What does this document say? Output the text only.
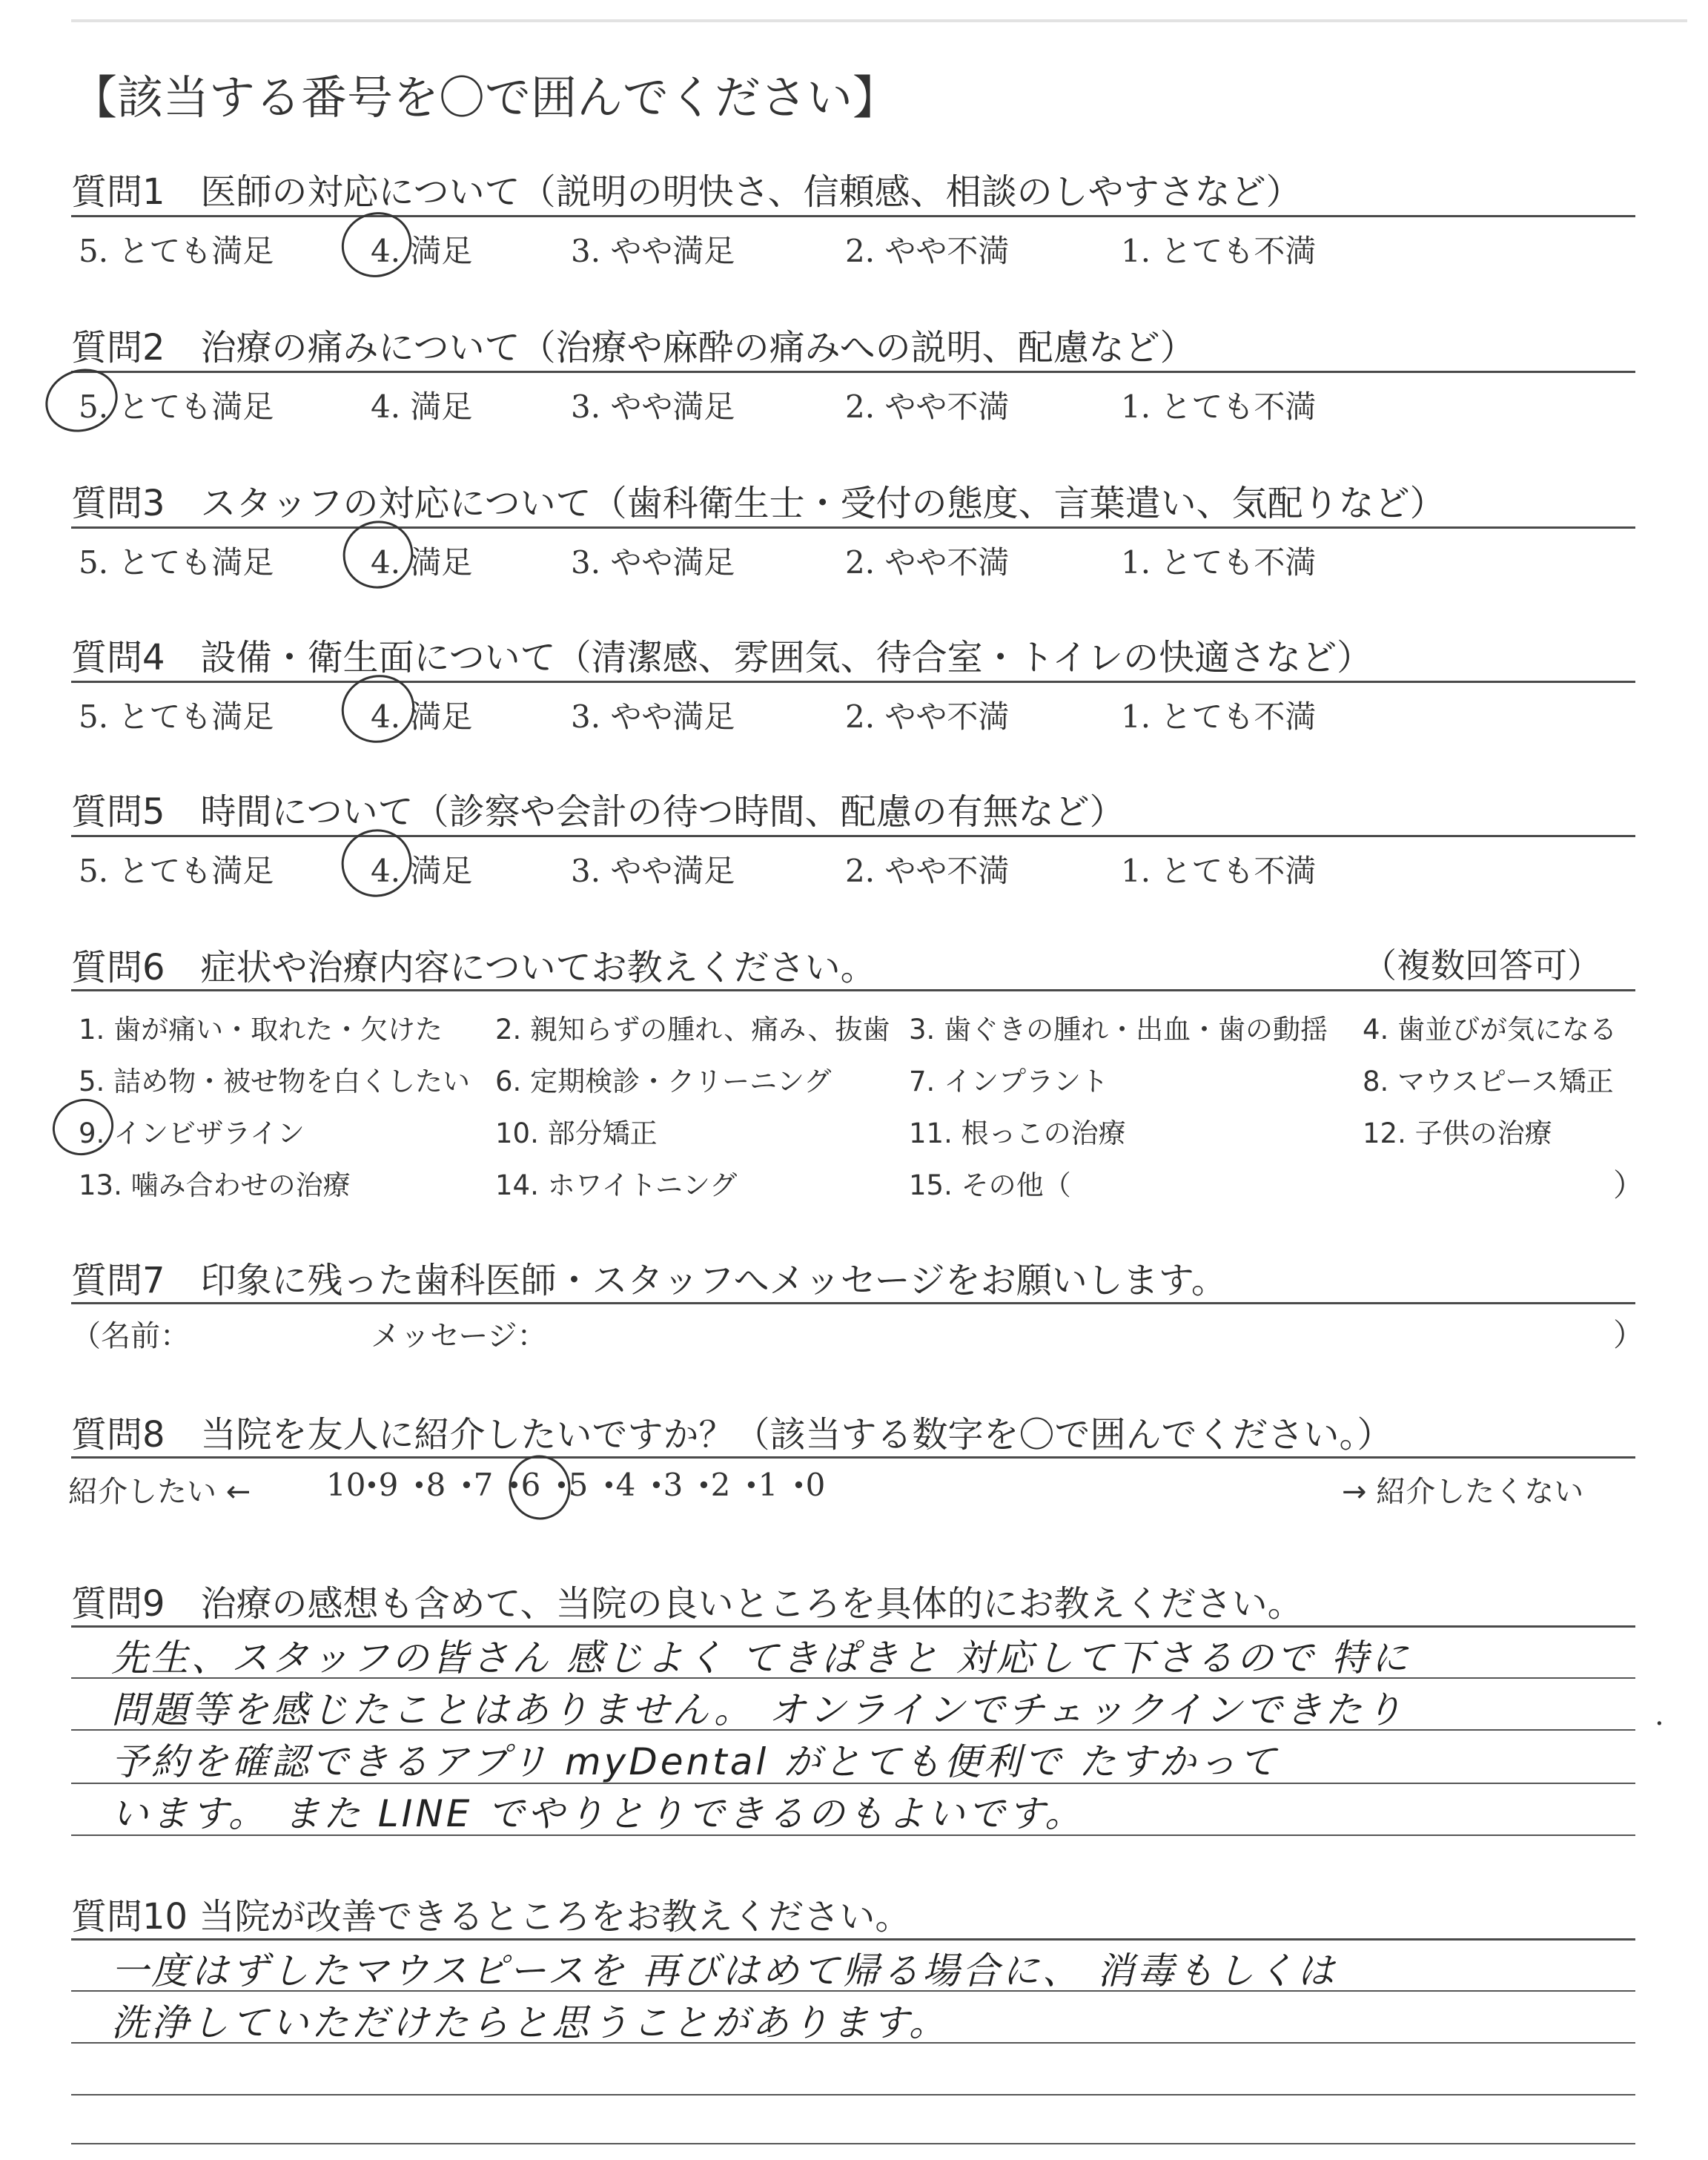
【該当する番号を〇で囲んでください】
質問1　医師の対応について（説明の明快さ、信頼感、相談のしやすさなど）
5. とても満足	4. 満足	3. やや満足	2. やや不満	1. とても不満
質問2　治療の痛みについて（治療や麻酔の痛みへの説明、配慮など）
5. とても満足	4. 満足	3. やや満足	2. やや不満	1. とても不満
質問3　スタッフの対応について（歯科衛生士・受付の態度、言葉遣い、気配りなど）
5. とても満足	4. 満足	3. やや満足	2. やや不満	1. とても不満
質問4　設備・衛生面について（清潔感、雰囲気、待合室・トイレの快適さなど）
5. とても満足	4. 満足	3. やや満足	2. やや不満	1. とても不満
質問5　時間について（診察や会計の待つ時間、配慮の有無など）
5. とても満足	4. 満足	3. やや満足	2. やや不満	1. とても不満
質問6　症状や治療内容についてお教えください。	（複数回答可）
1. 歯が痛い・取れた・欠けた 2. 親知らずの腫れ、痛み、抜歯 3. 歯ぐきの腫れ・出血・歯の動揺 4. 歯並びが気になる
5. 詰め物・被せ物を白くしたい 6. 定期検診・クリーニング	7. インプラント	8. マウスピース矯正
9. インビザライン	10. 部分矯正	11. 根っこの治療	12. 子供の治療
13. 噛み合わせの治療	14. ホワイトニング	15. その他（	）
質問7　印象に残った歯科医師・スタッフへメッセージをお願いします。
（名前：	メッセージ：	）
質問8　当院を友人に紹介したいですか？（該当する数字を〇で囲んでください。）
紹介したい ← 10
• 9 • 8 • 7 • 6 • 5 • 4 • 3 • 2 • 1 • 0	→ 紹介したくない
質問9　治療の感想も含めて、当院の良いところを具体的にお教えください。
先生、スタッフの皆さん 感じよく てきぱきと 対応して下さるので 特に
問題等を感じたことはありません。 オンラインでチェックインできたり	.
予約を確認できるアプリ myDental がとても便利で たすかって
います。 また LINE でやりとりできるのもよいです。
質問10 当院が改善できるところをお教えください。
一度はずしたマウスピースを 再びはめて帰る場合に、 消毒もしくは
洗浄していただけたらと思うことがあります。
